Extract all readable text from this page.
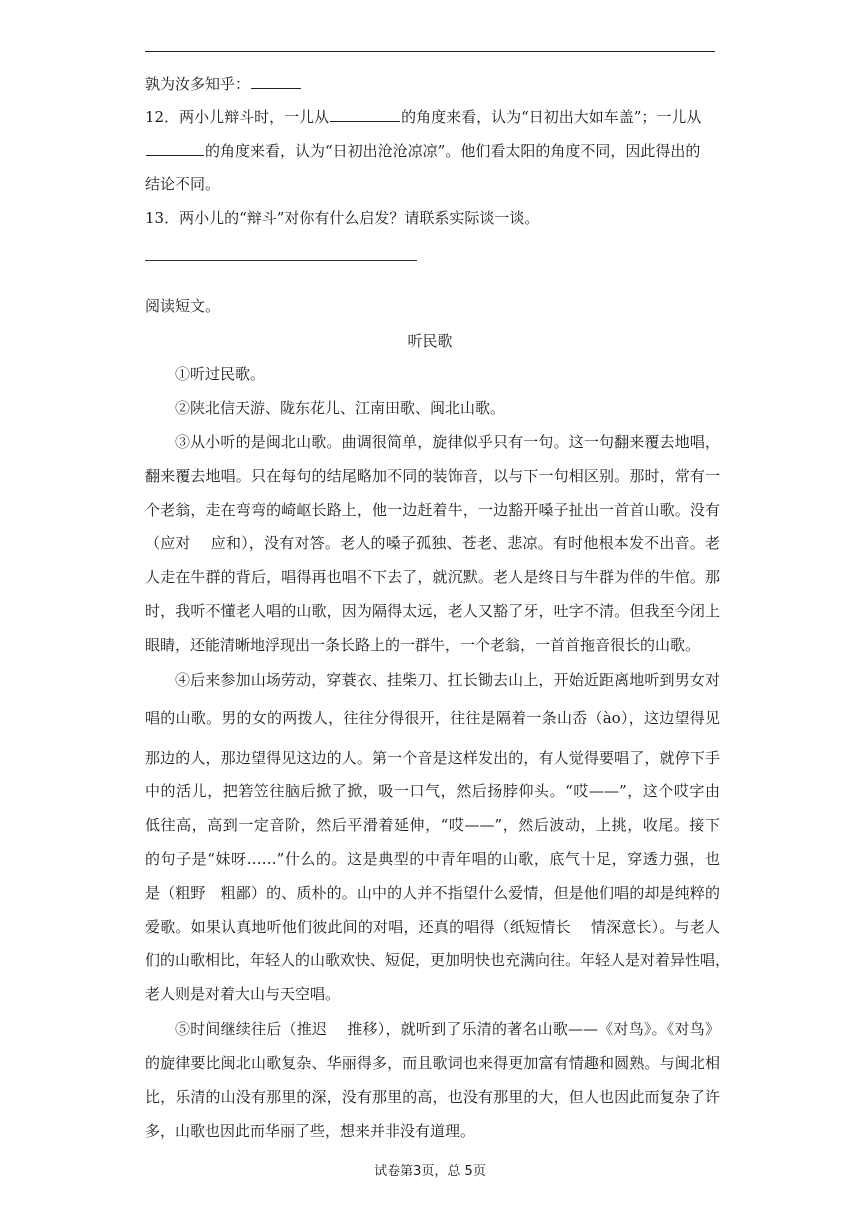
孰为汝多知乎：
12．两小儿辩斗时，一儿从	的角度来看，认为“日初出大如车盖”；一儿从
的角度来看，认为“日初出沧沧凉凉”。他们看太阳的角度不同，因此得出的
结论不同。
13．两小儿的“辩斗”对你有什么启发？请联系实际谈一谈。
阅读短文。
听民歌
①听过民歌。
②陕北信天游、陇东花儿、江南田歌、闽北山歌。
③从小听的是闽北山歌。曲调很简单，旋律似乎只有一句。这一句翻来覆去地唱，
翻来覆去地唱。只在每句的结尾略加不同的装饰音，以与下一句相区别。那时，常有一
个老翁，走在弯弯的崎岖长路上，他一边赶着牛，一边豁开嗓子扯出一首首山歌。没有
（应对　 应和），没有对答。老人的嗓子孤独、苍老、悲凉。有时他根本发不出音。老
人走在牛群的背后，唱得再也唱不下去了，就沉默。老人是终日与牛群为伴的牛倌。那
时，我听不懂老人唱的山歌，因为隔得太远，老人又豁了牙，吐字不清。但我至今闭上
眼睛，还能清晰地浮现出一条长路上的一群牛，一个老翁，一首首拖音很长的山歌。
④后来参加山场劳动，穿蓑衣、挂柴刀、扛长锄去山上，开始近距离地听到男女对
唱的山歌。男的女的两拨人，往往分得很开，往往是隔着一条山岙（ào），这边望得见
那边的人，那边望得见这边的人。第一个音是这样发出的，有人觉得要唱了，就停下手
中的活儿，把箬笠往脑后掀了掀，吸一口气，然后扬脖仰头。“哎——”，这个哎字由
低往高，高到一定音阶，然后平滑着延伸，“哎——”，然后波动，上挑，收尾。接下
的句子是“妹呀……”什么的。这是典型的中青年唱的山歌，底气十足，穿透力强，也
是（粗野　粗鄙）的、质朴的。山中的人并不指望什么爱情，但是他们唱的却是纯粹的
爱歌。如果认真地听他们彼此间的对唱，还真的唱得（纸短情长　 情深意长）。与老人
们的山歌相比，年轻人的山歌欢快、短促，更加明快也充满向往。年轻人是对着异性唱，
老人则是对着大山与天空唱。
⑤时间继续往后（推迟　 推移），就听到了乐清的著名山歌——《对鸟》。《对鸟》
的旋律要比闽北山歌复杂、华丽得多，而且歌词也来得更加富有情趣和圆熟。与闽北相
比，乐清的山没有那里的深，没有那里的高，也没有那里的大，但人也因此而复杂了许
多，山歌也因此而华丽了些，想来并非没有道理。
试卷第3页，总 5页
